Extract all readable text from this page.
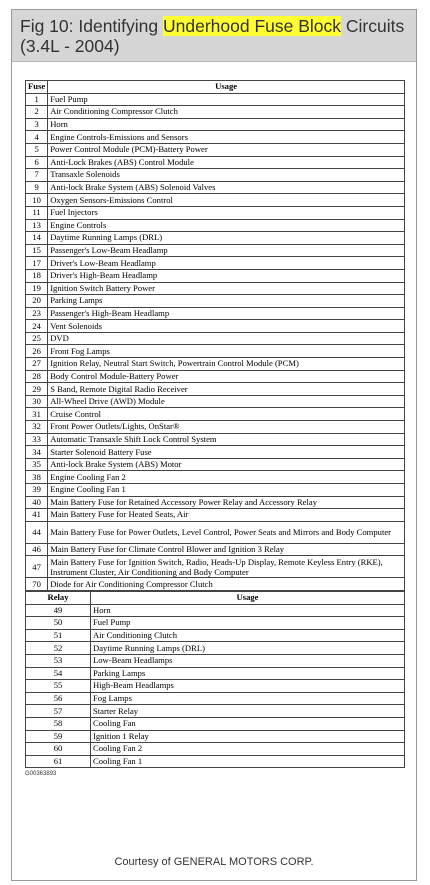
Fig 10: Identifying Underhood Fuse Block Circuits (3.4L - 2004)

Fuse	Usage
1	Fuel Pump
2	Air Conditioning Compressor Clutch
3	Horn
4	Engine Controls-Emissions and Sensors
5	Power Control Module (PCM)-Battery Power
6	Anti-Lock Brakes (ABS) Control Module
7	Transaxle Solenoids
9	Anti-lock Brake System (ABS) Solenoid Valves
10	Oxygen Sensors-Emissions Control
11	Fuel Injectors
13	Engine Controls
14	Daytime Running Lamps (DRL)
15	Passenger's Low-Beam Headlamp
17	Driver's Low-Beam Headlamp
18	Driver's High-Beam Headlamp
19	Ignition Switch Battery Power
20	Parking Lamps
23	Passenger's High-Beam Headlamp
24	Vent Solenoids
25	DVD
26	Front Fog Lamps
27	Ignition Relay, Neutral Start Switch, Powertrain Control Module (PCM)
28	Body Control Module-Battery Power
29	S Band, Remote Digital Radio Receiver
30	All-Wheel Drive (AWD) Module
31	Cruise Control
32	Front Power Outlets/Lights, OnStar®
33	Automatic Transaxle Shift Lock Control System
34	Starter Solenoid Battery Fuse
35	Anti-lock Brake System (ABS) Motor
38	Engine Cooling Fan 2
39	Engine Cooling Fan 1
40	Main Battery Fuse for Retained Accessory Power Relay and Accessory Relay
41	Main Battery Fuse for Heated Seats, Air
44	Main Battery Fuse for Power Outlets, Level Control, Power Seats and Mirrors and Body Computer
46	Main Battery Fuse for Climate Control Blower and Ignition 3 Relay
47	Main Battery Fuse for Ignition Switch, Radio, Heads-Up Display, Remote Keyless Entry (RKE), Instrument Cluster, Air Conditioning and Body Computer
70	Diode for Air Conditioning Compressor Clutch
Relay	Usage
49	Horn
50	Fuel Pump
51	Air Conditioning Clutch
52	Daytime Running Lamps (DRL)
53	Low-Beam Headlamps
54	Parking Lamps
55	High-Beam Headlamps
56	Fog Lamps
57	Starter Relay
58	Cooling Fan
59	Ignition 1 Relay
60	Cooling Fan 2
61	Cooling Fan 1
G00363893
Courtesy of GENERAL MOTORS CORP.
